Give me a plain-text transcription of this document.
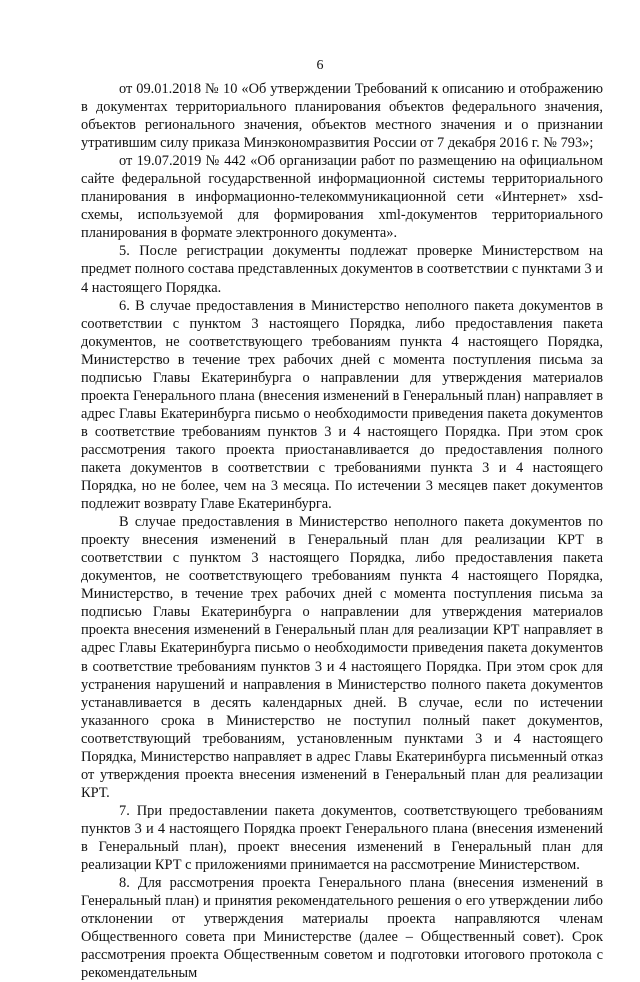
6

от 09.01.2018 № 10 «Об утверждении Требований к описанию и отображению в документах территориального планирования объектов федерального значения, объектов регионального значения, объектов местного значения и о признании утратившим силу приказа Минэкономразвития России от 7 декабря 2016 г. № 793»;

от 19.07.2019 № 442 «Об организации работ по размещению на официальном сайте федеральной государственной информационной системы территориального планирования в информационно-телекоммуникационной сети «Интернет» xsd-схемы, используемой для формирования xml-документов территориального планирования в формате электронного документа».

5. После регистрации документы подлежат проверке Министерством на предмет полного состава представленных документов в соответствии с пунктами 3 и 4 настоящего Порядка.

6. В случае предоставления в Министерство неполного пакета документов в соответствии с пунктом 3 настоящего Порядка, либо предоставления пакета документов, не соответствующего требованиям пункта 4 настоящего Порядка, Министерство в течение трех рабочих дней с момента поступления письма за подписью Главы Екатеринбурга о направлении для утверждения материалов проекта Генерального плана (внесения изменений в Генеральный план) направляет в адрес Главы Екатеринбурга письмо о необходимости приведения пакета документов в соответствие требованиям пунктов 3 и 4 настоящего Порядка. При этом срок рассмотрения такого проекта приостанавливается до предоставления полного пакета документов в соответствии с требованиями пункта 3 и 4 настоящего Порядка, но не более, чем на 3 месяца. По истечении 3 месяцев пакет документов подлежит возврату Главе Екатеринбурга.

В случае предоставления в Министерство неполного пакета документов по проекту внесения изменений в Генеральный план для реализации КРТ в соответствии с пунктом 3 настоящего Порядка, либо предоставления пакета документов, не соответствующего требованиям пункта 4 настоящего Порядка, Министерство, в течение трех рабочих дней с момента поступления письма за подписью Главы Екатеринбурга о направлении для утверждения материалов проекта внесения изменений в Генеральный план для реализации КРТ направляет в адрес Главы Екатеринбурга письмо о необходимости приведения пакета документов в соответствие требованиям пунктов 3 и 4 настоящего Порядка. При этом срок для устранения нарушений и направления в Министерство полного пакета документов устанавливается в десять календарных дней. В случае, если по истечении указанного срока в Министерство не поступил полный пакет документов, соответствующий требованиям, установленным пунктами 3 и 4 настоящего Порядка, Министерство направляет в адрес Главы Екатеринбурга письменный отказ от утверждения проекта внесения изменений в Генеральный план для реализации КРТ.

7. При предоставлении пакета документов, соответствующего требованиям пунктов 3 и 4 настоящего Порядка проект Генерального плана (внесения изменений в Генеральный план), проект внесения изменений в Генеральный план для реализации КРТ с приложениями принимается на рассмотрение Министерством.

8. Для рассмотрения проекта Генерального плана (внесения изменений в Генеральный план) и принятия рекомендательного решения о его утверждении либо отклонении от утверждения материалы проекта направляются членам Общественного совета при Министерстве (далее – Общественный совет). Срок рассмотрения проекта Общественным советом и подготовки итогового протокола с рекомендательным
